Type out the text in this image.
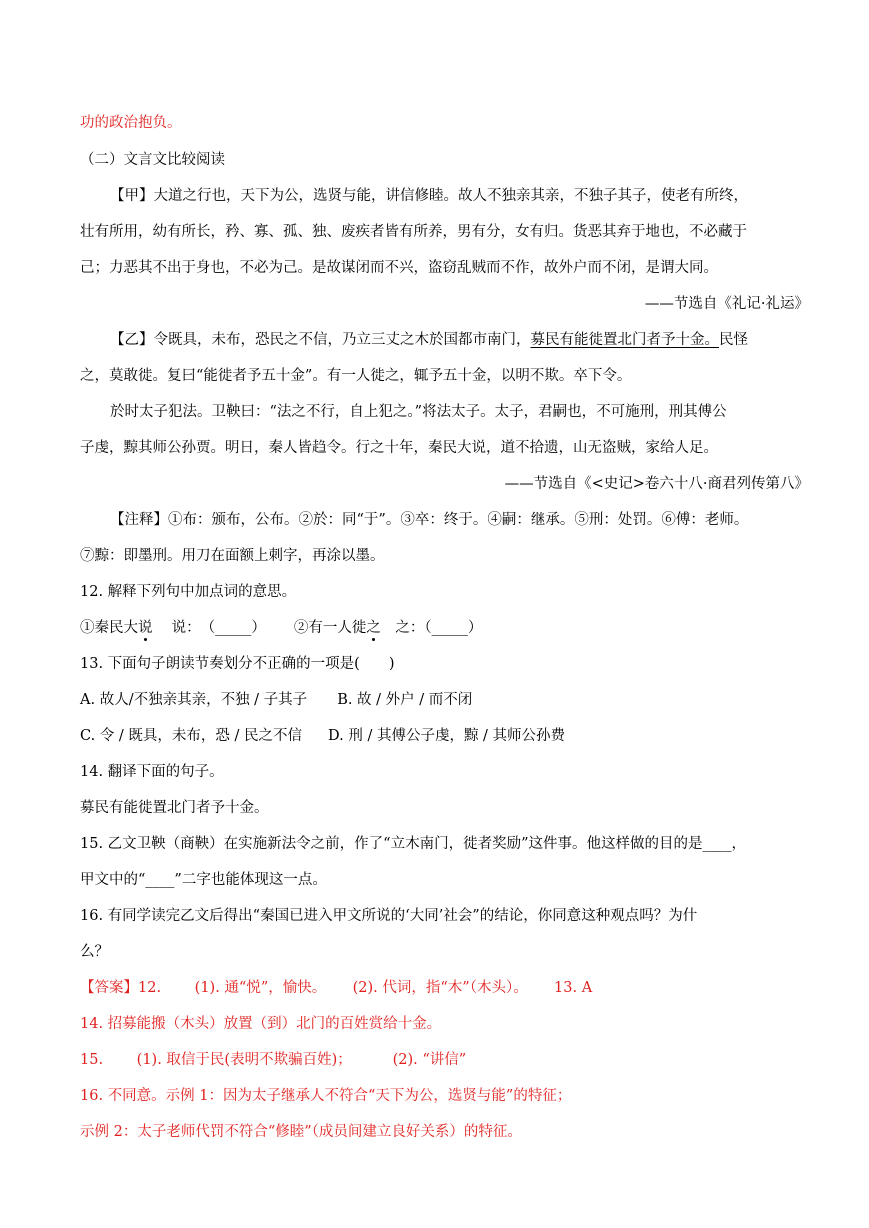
功的政治抱负。
（二）文言文比较阅读
【甲】大道之行也，天下为公，选贤与能，讲信修睦。故人不独亲其亲，不独子其子，使老有所终，
壮有所用，幼有所长，矜、寡、孤、独、废疾者皆有所养，男有分，女有归。货恶其弃于地也，不必藏于
己；力恶其不出于身也，不必为己。是故谋闭而不兴，盗窃乱贼而不作，故外户而不闭，是谓大同。
——节选自《礼记·礼运》
【乙】令既具，未布，恐民之不信，乃立三丈之木於国都市南门，募民有能徙置北门者予十金。民怪
之，莫敢徙。复曰“能徙者予五十金”。有一人徙之，辄予五十金，以明不欺。卒下令。
於时太子犯法。卫鞅曰：“法之不行，自上犯之。”将法太子。太子，君嗣也，不可施刑，刑其傅公
子虔，黥其师公孙贾。明日，秦人皆趋令。行之十年，秦民大说，道不拾遗，山无盗贼，家给人足。
——节选自《<史记>卷六十八·商君列传第八》
【注释】①布：颁布，公布。②於：同“于”。③卒：终于。④嗣：继承。⑤刑：处罚。⑥傅：老师。
⑦黥：即墨刑。用刀在面额上刺字，再涂以墨。
12. 解释下列句中加点词的意思。
①秦民大说　 说：　（_____） ②有一人徙之　之：（_____）
13. 下面句子朗读节奏划分不正确的一项是(　　)
A. 故人/不独亲其亲，不独 / 子其子 B. 故 / 外户 / 而不闭
C. 令 / 既具，未布，恐 / 民之不信 D. 刑 / 其傅公子虔，黥 / 其师公孙费
14. 翻译下面的句子。
募民有能徙置北门者予十金。
15. 乙文卫鞅（商鞅）在实施新法令之前，作了“立木南门，徙者奖励”这件事。他这样做的目的是____，
甲文中的“____”二字也能体现这一点。
16. 有同学读完乙文后得出“秦国已进入甲文所说的‘大同’社会”的结论，你同意这种观点吗？为什
么？
【答案】12.　　 (1). 通“悦”，愉快。　　 (2). 代词，指“木”（木头）。　　 13. A
14. 招募能搬（木头）放置（到）北门的百姓赏给十金。
15.　　 (1). 取信于民(表明不欺骗百姓)；　　　 (2). “讲信”
16. 不同意。示例 1：因为太子继承人不符合“天下为公，选贤与能”的特征；
示例 2：太子老师代罚不符合“修睦”（成员间建立良好关系）的特征。
